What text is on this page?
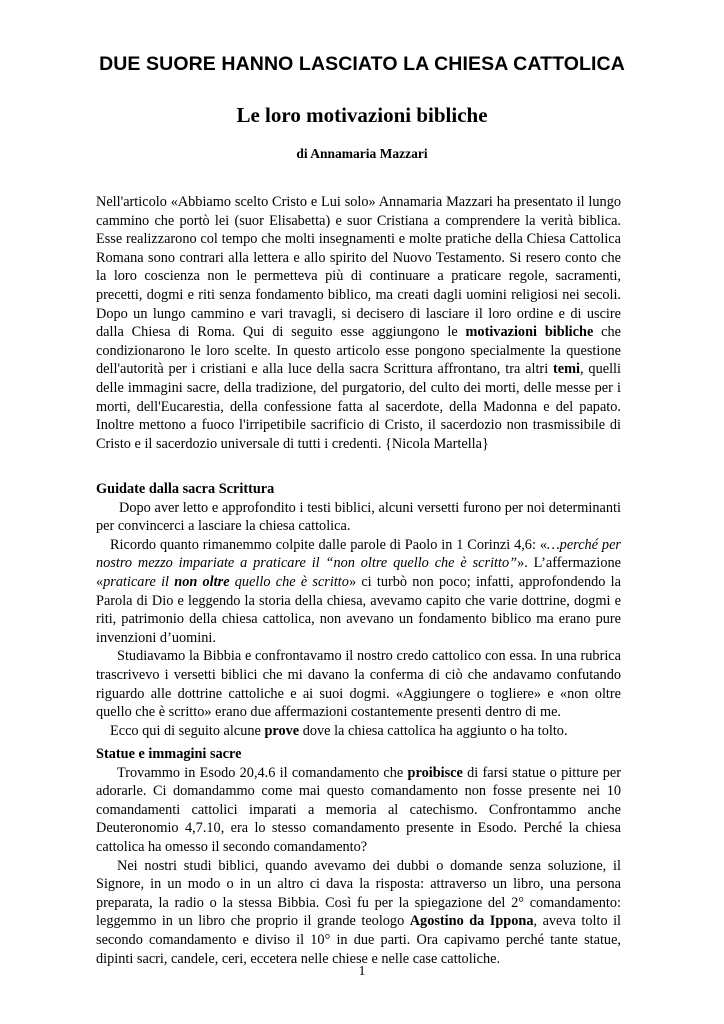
DUE SUORE HANNO LASCIATO LA CHIESA CATTOLICA
Le loro motivazioni bibliche
di Annamaria Mazzari

Nell'articolo «Abbiamo scelto Cristo e Lui solo» Annamaria Mazzari ha presentato il lungo cammino che portò lei (suor Elisabetta) e suor Cristiana a comprendere la verità biblica. Esse realizzarono col tempo che molti insegnamenti e molte pratiche della Chiesa Cattolica Romana sono contrari alla lettera e allo spirito del Nuovo Testamento. Si resero conto che la loro coscienza non le permetteva più di continuare a praticare regole, sacramenti, precetti, dogmi e riti senza fondamento biblico, ma creati dagli uomini religiosi nei secoli. Dopo un lungo cammino e vari travagli, si decisero di lasciare il loro ordine e di uscire dalla Chiesa di Roma. Qui di seguito esse aggiungono le motivazioni bibliche che condizionarono le loro scelte. In questo articolo esse pongono specialmente la questione dell'autorità per i cristiani e alla luce della sacra Scrittura affrontano, tra altri temi, quelli delle immagini sacre, della tradizione, del purgatorio, del culto dei morti, delle messe per i morti, dell'Eucarestia, della confessione fatta al sacerdote, della Madonna e del papato. Inoltre mettono a fuoco l'irripetibile sacrificio di Cristo, il sacerdozio non trasmissibile di Cristo e il sacerdozio universale di tutti i credenti. {Nicola Martella}

Guidate dalla sacra Scrittura

Dopo aver letto e approfondito i testi biblici, alcuni versetti furono per noi determinanti per convincerci a lasciare la chiesa cattolica.

Ricordo quanto rimanemmo colpite dalle parole di Paolo in 1 Corinzi 4,6: «…perché per nostro mezzo impariate a praticare il “non oltre quello che è scritto”». L’affermazione «praticare il non oltre quello che è scritto» ci turbò non poco; infatti, approfondendo la Parola di Dio e leggendo la storia della chiesa, avevamo capito che varie dottrine, dogmi e riti, patrimonio della chiesa cattolica, non avevano un fondamento biblico ma erano pure invenzioni d’uomini.

Studiavamo la Bibbia e confrontavamo il nostro credo cattolico con essa. In una rubrica trascrivevo i versetti biblici che mi davano la conferma di ciò che andavamo confutando riguardo alle dottrine cattoliche e ai suoi dogmi. «Aggiungere o togliere» e «non oltre quello che è scritto» erano due affermazioni costantemente presenti dentro di me.

Ecco qui di seguito alcune prove dove la chiesa cattolica ha aggiunto o ha tolto.

Statue e immagini sacre

Trovammo in Esodo 20,4.6 il comandamento che proibisce di farsi statue o pitture per adorarle. Ci domandammo come mai questo comandamento non fosse presente nei 10 comandamenti cattolici imparati a memoria al catechismo. Confrontammo anche Deuteronomio 4,7.10, era lo stesso comandamento presente in Esodo. Perché la chiesa cattolica ha omesso il secondo comandamento?

Nei nostri studi biblici, quando avevamo dei dubbi o domande senza soluzione, il Signore, in un modo o in un altro ci dava la risposta: attraverso un libro, una persona preparata, la radio o la stessa Bibbia. Così fu per la spiegazione del 2° comandamento: leggemmo in un libro che proprio il grande teologo Agostino da Ippona, aveva tolto il secondo comandamento e diviso il 10° in due parti. Ora capivamo perché tante statue, dipinti sacri, candele, ceri, eccetera nelle chiese e nelle case cattoliche.

1
